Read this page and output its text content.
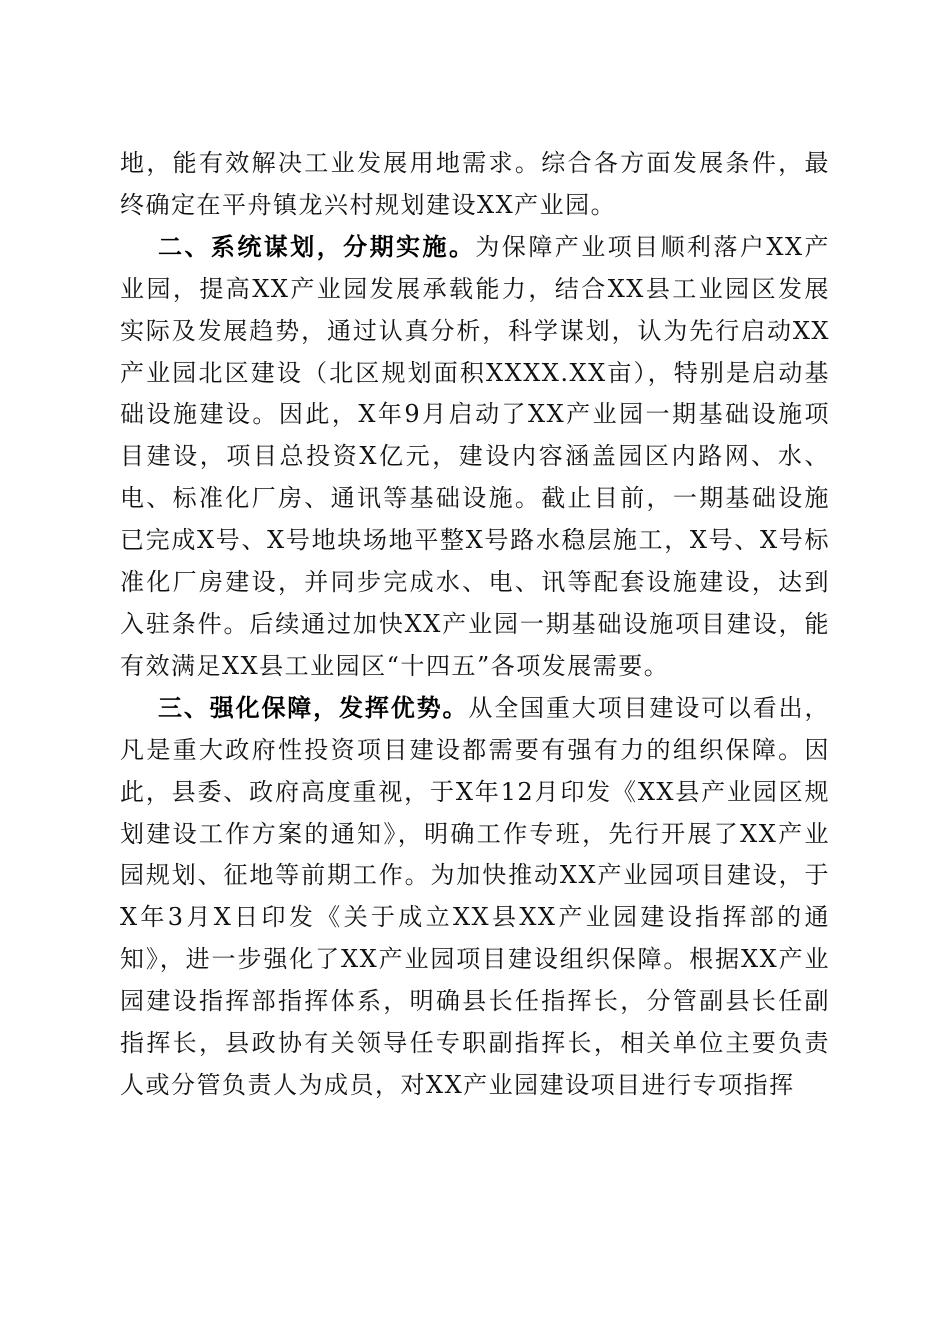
地，能有效解决工业发展用地需求。综合各方面发展条件，最终确定在平舟镇龙兴村规划建设XX产业园。

二、系统谋划，分期实施。为保障产业项目顺利落户XX产业园，提高XX产业园发展承载能力，结合XX县工业园区发展实际及发展趋势，通过认真分析，科学谋划，认为先行启动XX产业园北区建设（北区规划面积XXXX.XX亩），特别是启动基础设施建设。因此，X年9月启动了XX产业园一期基础设施项目建设，项目总投资X亿元，建设内容涵盖园区内路网、水、电、标准化厂房、通讯等基础设施。截止目前，一期基础设施已完成X号、X号地块场地平整X号路水稳层施工，X号、X号标准化厂房建设，并同步完成水、电、讯等配套设施建设，达到入驻条件。后续通过加快XX产业园一期基础设施项目建设，能有效满足XX县工业园区“十四五”各项发展需要。

三、强化保障，发挥优势。从全国重大项目建设可以看出，凡是重大政府性投资项目建设都需要有强有力的组织保障。因此，县委、政府高度重视，于X年12月印发《XX县产业园区规划建设工作方案的通知》，明确工作专班，先行开展了XX产业园规划、征地等前期工作。为加快推动XX产业园项目建设，于X年3月X日印发《关于成立XX县XX产业园建设指挥部的通知》，进一步强化了XX产业园项目建设组织保障。根据XX产业园建设指挥部指挥体系，明确县长任指挥长，分管副县长任副指挥长，县政协有关领导任专职副指挥长，相关单位主要负责人或分管负责人为成员，对XX产业园建设项目进行专项指挥
